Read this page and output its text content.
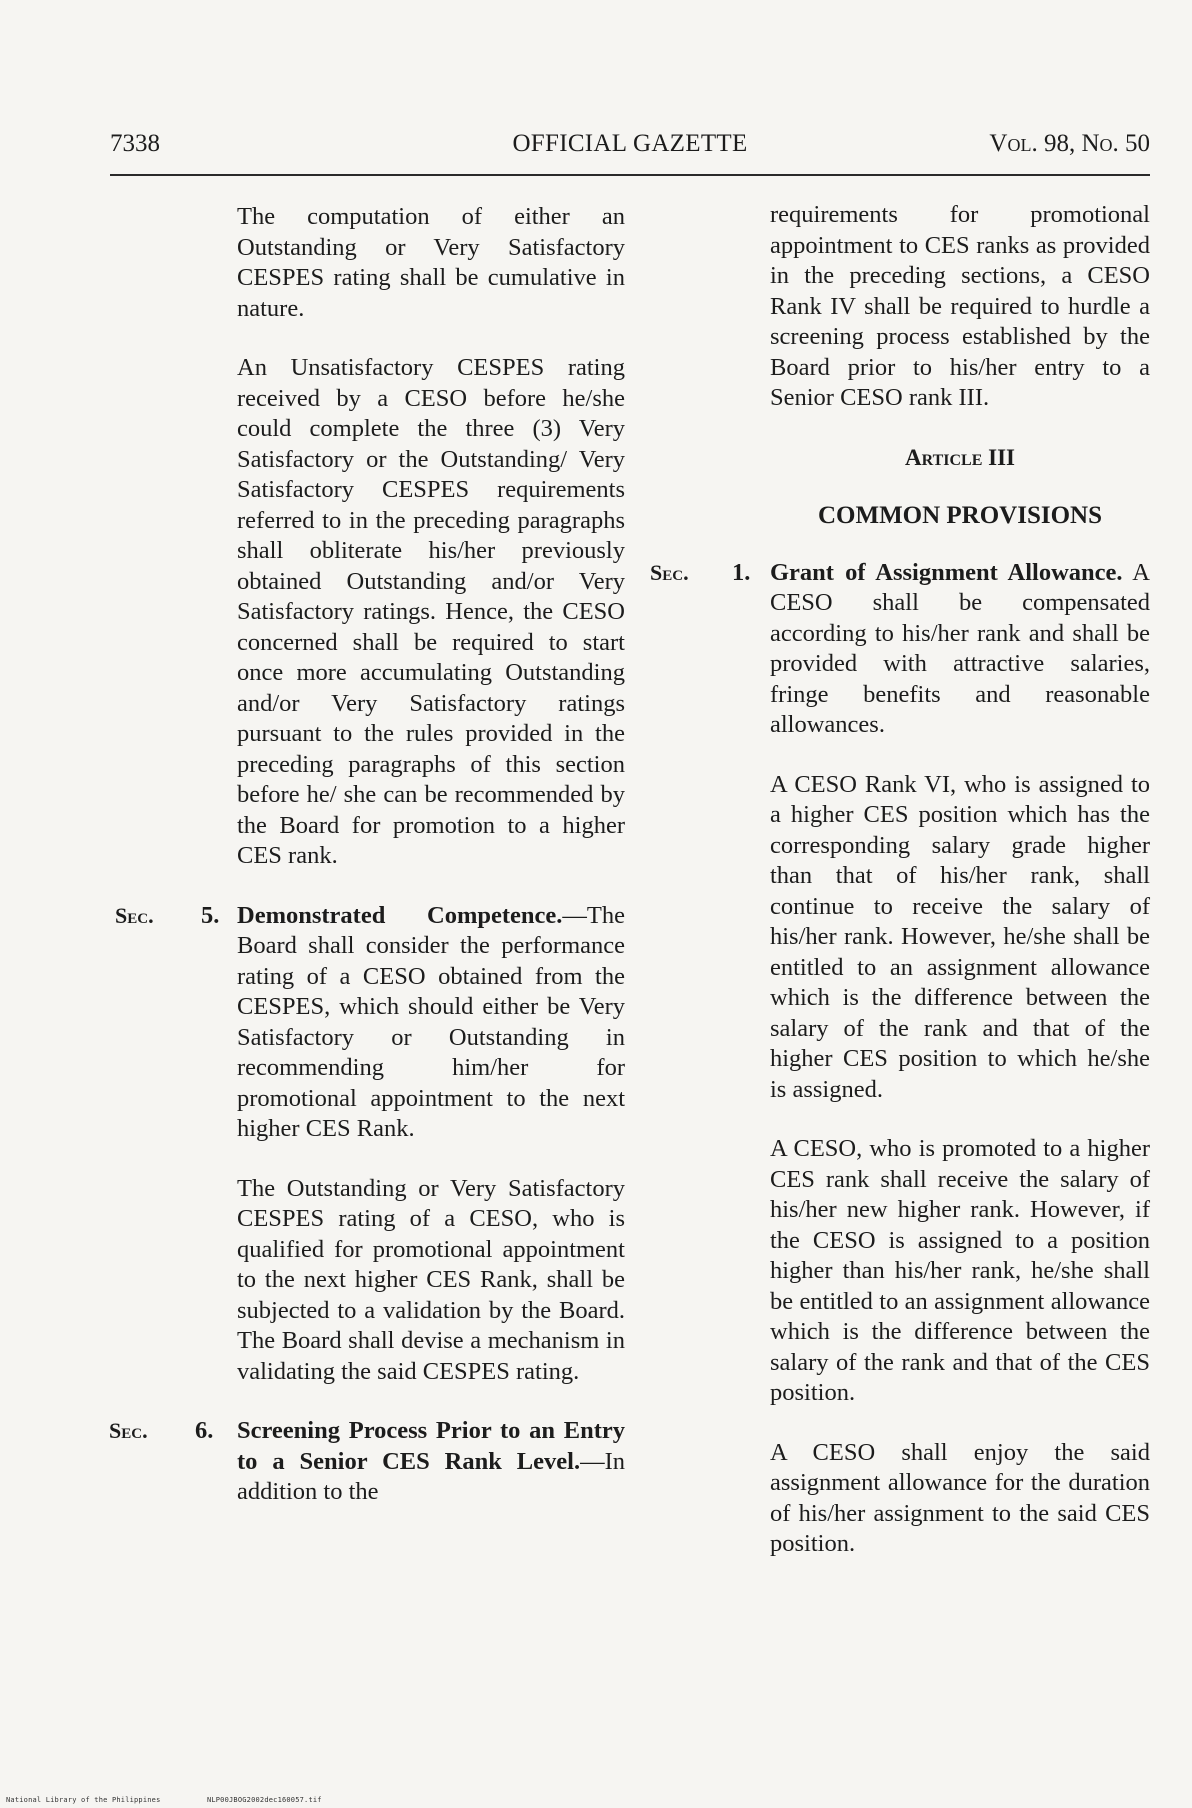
7338	OFFICIAL GAZETTE	Vol. 98, No. 50

The computation of either an Outstanding or Very Satisfactory CESPES rating shall be cumulative in nature.

An Unsatisfactory CESPES rating received by a CESO before he/she could complete the three (3) Very Satisfactory or the Outstanding/ Very Satisfactory CESPES requirements referred to in the preceding paragraphs shall obliterate his/her previously obtained Outstanding and/or Very Satisfactory ratings. Hence, the CESO concerned shall be required to start once more accumulating Outstanding and/or Very Satisfactory ratings pursuant to the rules provided in the preceding paragraphs of this section before he/ she can be recommended by the Board for promotion to a higher CES rank.

Sec. 5. Demonstrated Competence.—The Board shall consider the performance rating of a CESO obtained from the CESPES, which should either be Very Satisfactory or Outstanding in recommending him/her for promotional appointment to the next higher CES Rank.

The Outstanding or Very Satisfactory CESPES rating of a CESO, who is qualified for promotional appointment to the next higher CES Rank, shall be subjected to a validation by the Board. The Board shall devise a mechanism in validating the said CESPES rating.

Sec. 6. Screening Process Prior to an Entry to a Senior CES Rank Level.—In addition to the

requirements for promotional appointment to CES ranks as provided in the preceding sections, a CESO Rank IV shall be required to hurdle a screening process established by the Board prior to his/her entry to a Senior CESO rank III.

Article III
COMMON PROVISIONS
Sec. 1. Grant of Assignment Allowance. A CESO shall be compensated according to his/her rank and shall be provided with attractive salaries, fringe benefits and reasonable allowances.

A CESO Rank VI, who is assigned to a higher CES position which has the corresponding salary grade higher than that of his/her rank, shall continue to receive the salary of his/her rank. However, he/she shall be entitled to an assignment allowance which is the difference between the salary of the rank and that of the higher CES position to which he/she is assigned.

A CESO, who is promoted to a higher CES rank shall receive the salary of his/her new higher rank. However, if the CESO is assigned to a position higher than his/her rank, he/she shall be entitled to an assignment allowance which is the difference between the salary of the rank and that of the CES position.

A CESO shall enjoy the said assignment allowance for the duration of his/her assignment to the said CES position.

National Library of the Philippines	NLP00JBOG2002dec160057.tif
